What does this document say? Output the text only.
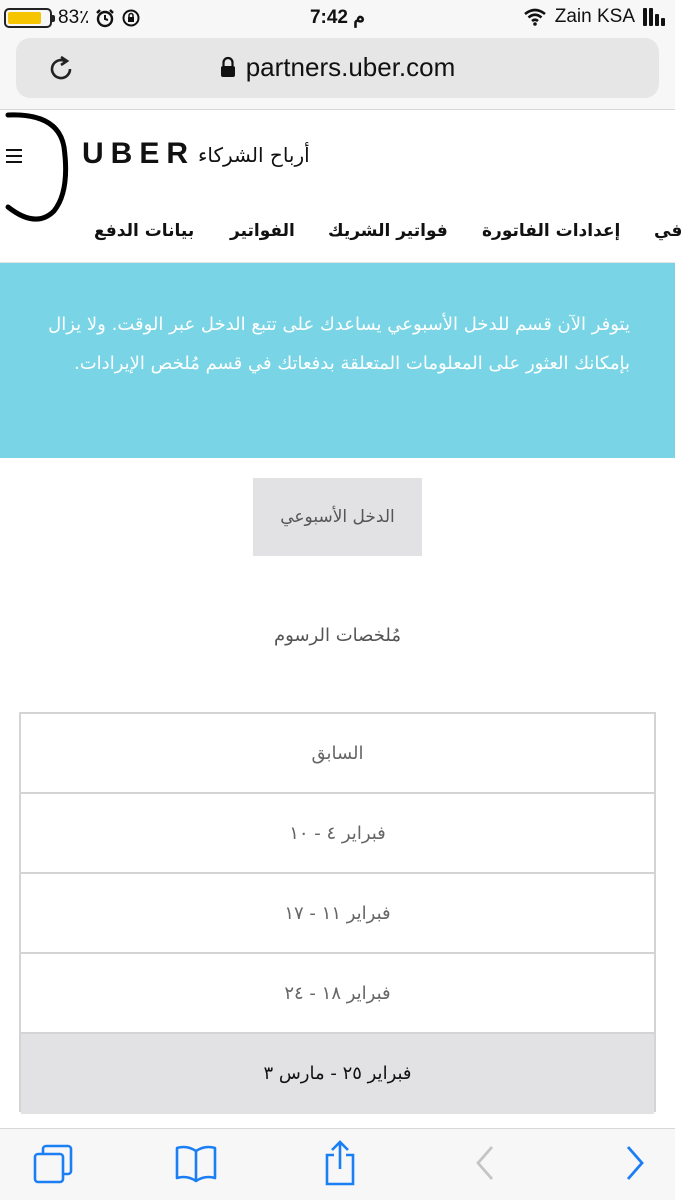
83٪	7:42 م	Zain KSA
partners.uber.com
UBER أرباح الشركاء
في
إعدادات الفاتورة
فواتير الشريك
الفواتير
بيانات الدفع
يتوفر الآن قسم للدخل الأسبوعي يساعدك على تتبع الدخل عبر الوقت. ولا يزال بإمكانك العثور على المعلومات المتعلقة بدفعاتك في قسم مُلخص الإيرادات.
الدخل الأسبوعي
مُلخصات الرسوم
السابق
فبراير ٤ - ١٠
فبراير ١١ - ١٧
فبراير ١٨ - ٢٤
فبراير ٢٥ - مارس ٣
